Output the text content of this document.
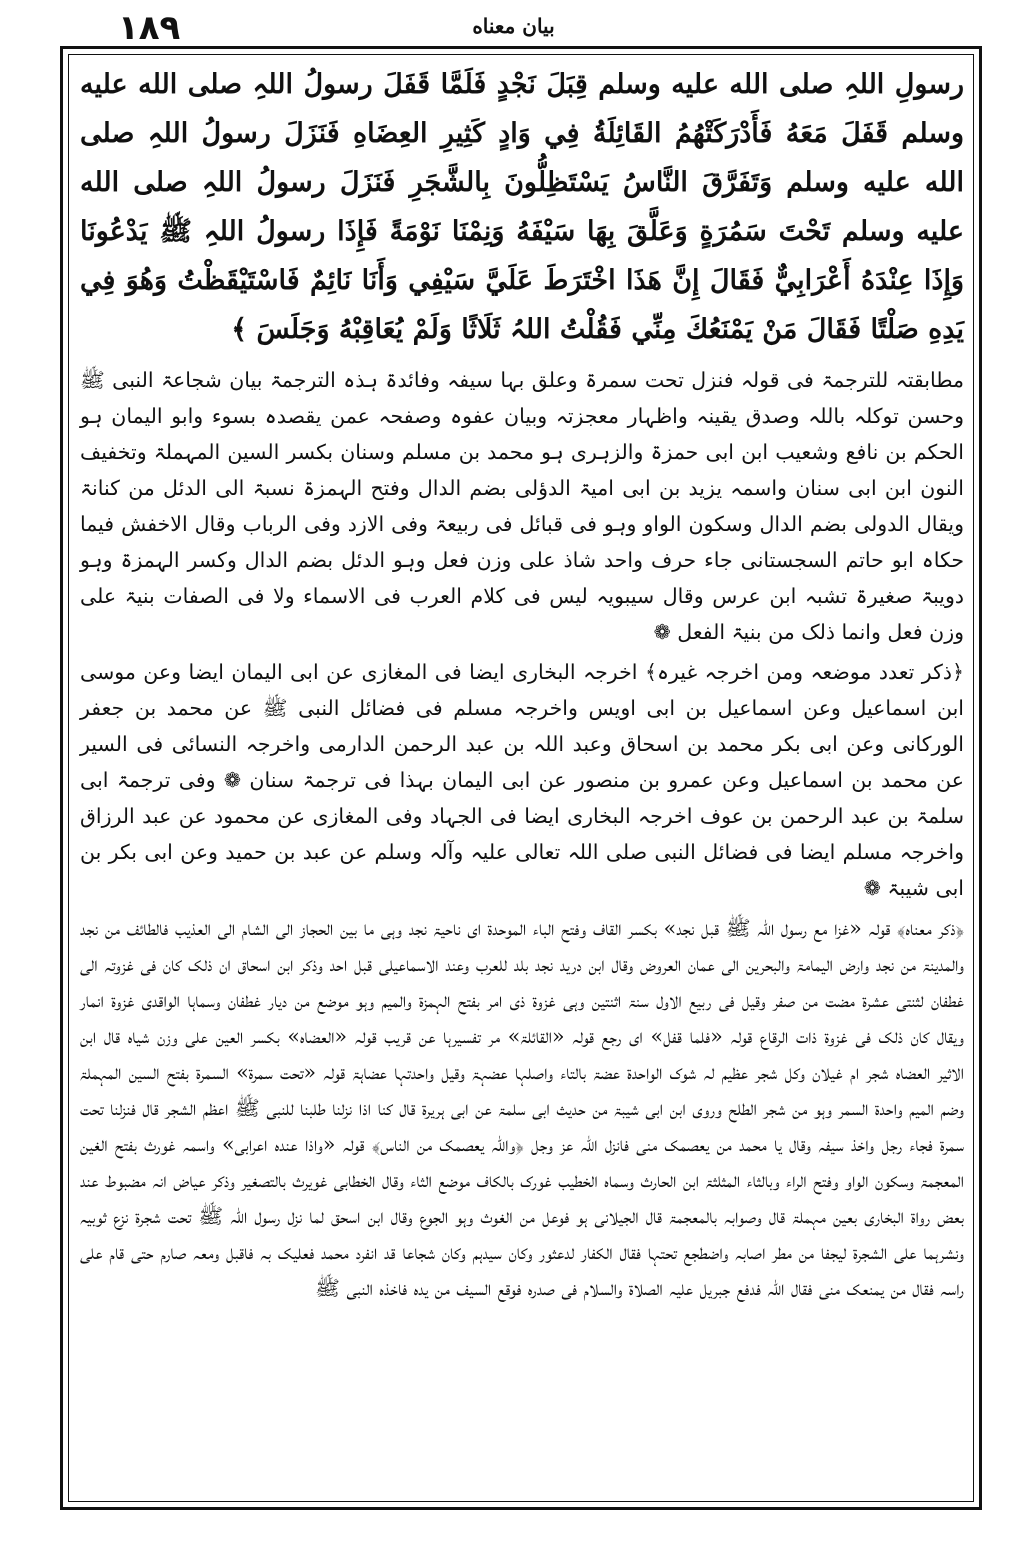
١٨٩	بيان معناه

رسولِ اللہِ صلى الله عليه وسلم قِبَلَ نَجْدٍ فَلَمَّا قَفَلَ رسولُ اللہِ صلى الله عليه وسلم قَفَلَ مَعَهُ فَأَدْرَكَتْهُمُ القَائِلَةُ فِي وَادٍ كَثِيرِ العِضَاهِ فَنَزَلَ رسولُ اللہِ صلى الله عليه وسلم وَتَفَرَّقَ النَّاسُ يَسْتَظِلُّونَ بِالشَّجَرِ فَنَزَلَ رسولُ اللہِ صلى الله عليه وسلم تَحْتَ سَمُرَةٍ وَعَلَّقَ بِهَا سَيْفَهُ وَنِمْنَا نَوْمَةً فَإِذَا رسولُ اللہِ ﷺ يَدْعُونَا وَإِذَا عِنْدَهُ أَعْرَابِيٌّ فَقَالَ إِنَّ هَذَا اخْتَرَطَ عَلَيَّ سَيْفِي وَأَنَا نَائِمٌ فَاسْتَيْقَظْتُ وَهُوَ فِي يَدِهِ صَلْتًا فَقَالَ مَنْ يَمْنَعُكَ مِنِّي فَقُلْتُ اللہُ ثَلَاثًا وَلَمْ يُعَاقِبْهُ وَجَلَسَ ﴾

مطابقتہ للترجمۃ فی قولہ فنزل تحت سمرۃ وعلق بہا سیفہ وفائدۃ ہذہ الترجمۃ بیان شجاعۃ النبی ﷺ وحسن توکلہ باللہ وصدق یقینہ واظہار معجزتہ وبیان عفوہ وصفحہ عمن یقصدہ بسوء وابو الیمان ہو الحکم بن نافع وشعیب ابن ابی حمزۃ والزہری ہو محمد بن مسلم وسنان بکسر السین المہملۃ وتخفیف النون ابن ابی سنان واسمہ یزید بن ابی امیۃ الدؤلی بضم الدال وفتح الہمزۃ نسبۃ الی الدئل من کنانۃ ویقال الدولی بضم الدال وسکون الواو وہو فی قبائل فی ربیعۃ وفی الازد وفی الرباب وقال الاخفش فیما حکاہ ابو حاتم السجستانی جاء حرف واحد شاذ علی وزن فعل وہو الدئل بضم الدال وکسر الہمزۃ وہو دویبۃ صغیرۃ تشبہ ابن عرس وقال سیبویہ لیس فی کلام العرب فی الاسماء ولا فی الصفات بنیۃ علی وزن فعل وانما ذلک من بنیۃ الفعل ❁

﴿ذکر تعدد موضعہ ومن اخرجہ غیرہ﴾ اخرجہ البخاری ایضا فی المغازی عن ابی الیمان ایضا وعن موسی ابن اسماعیل وعن اسماعیل بن ابی اویس واخرجہ مسلم فی فضائل النبی ﷺ عن محمد بن جعفر الورکانی وعن ابی بکر محمد بن اسحاق وعبد اللہ بن عبد الرحمن الدارمی واخرجہ النسائی فی السیر عن محمد بن اسماعیل وعن عمرو بن منصور عن ابی الیمان بہذا فی ترجمۃ سنان ❁ وفی ترجمۃ ابی سلمۃ بن عبد الرحمن بن عوف اخرجہ البخاری ایضا فی الجہاد وفی المغازی عن محمود عن عبد الرزاق واخرجہ مسلم ایضا فی فضائل النبی صلی اللہ تعالی علیہ وآلہ وسلم عن عبد بن حمید وعن ابی بکر بن ابی شیبۃ ❁

﴿ذکر معناہ﴾ قولہ «غزا مع رسول اللہ ﷺ قبل نجد» بکسر القاف وفتح الباء الموحدۃ ای ناحیۃ نجد وہی ما بین الحجاز الی الشام الی العذیب فالطائف من نجد والمدینۃ من نجد وارض الیمامۃ والبحرین الی عمان العروض وقال ابن درید نجد بلد للعرب وعند الاسماعیلی قبل احد وذکر ابن اسحاق ان ذلک کان فی غزوتہ الی غطفان لثنتی عشرۃ مضت من صفر وقیل فی ربیع الاول سنۃ اثنتین وہی غزوۃ ذی امر بفتح الہمزۃ والمیم وہو موضع من دیار غطفان وسماہا الواقدی غزوۃ انمار ویقال کان ذلک فی غزوۃ ذات الرقاع قولہ «فلما قفل» ای رجع قولہ «القائلۃ» مر تفسیرہا عن قریب قولہ «العضاہ» بکسر العین علی وزن شیاہ قال ابن الاثیر العضاہ شجر ام غیلان وکل شجر عظیم لہ شوک الواحدۃ عضۃ بالتاء واصلہا عضہۃ وقیل واحدتہا عضاہۃ قولہ «تحت سمرۃ» السمرۃ بفتح السین المہملۃ وضم المیم واحدۃ السمر وہو من شجر الطلح وروی ابن ابی شیبۃ من حدیث ابی سلمۃ عن ابی ہریرۃ قال کنا اذا نزلنا طلبنا للنبی ﷺ اعظم الشجر قال فنزلنا تحت سمرۃ فجاء رجل واخذ سیفہ وقال یا محمد من یعصمک منی فانزل اللہ عز وجل ﴿واللہ یعصمک من الناس﴾ قولہ «واذا عندہ اعرابی» واسمہ غورث بفتح الغین المعجمۃ وسکون الواو وفتح الراء وبالثاء المثلثۃ ابن الحارث وسماہ الخطیب غورک بالکاف موضع الثاء وقال الخطابی غویرث بالتصغیر وذکر عیاض انہ مضبوط عند بعض رواۃ البخاری بعین مہملۃ قال وصوابہ بالمعجمۃ قال الجیلانی ہو فوعل من الغوث وہو الجوع وقال ابن اسحق لما نزل رسول اللہ ﷺ تحت شجرۃ نزع ثوبیہ ونشرہما علی الشجرۃ لیجفا من مطر اصابہ واضطجع تحتہا فقال الکفار لدعثور وکان سیدہم وکان شجاعا قد انفرد محمد فعلیک بہ فاقبل ومعہ صارم حتی قام علی راسہ فقال من یمنعک منی فقال اللہ فدفع جبریل علیہ الصلاۃ والسلام فی صدرہ فوقع السیف من یدہ فاخذہ النبی ﷺ
